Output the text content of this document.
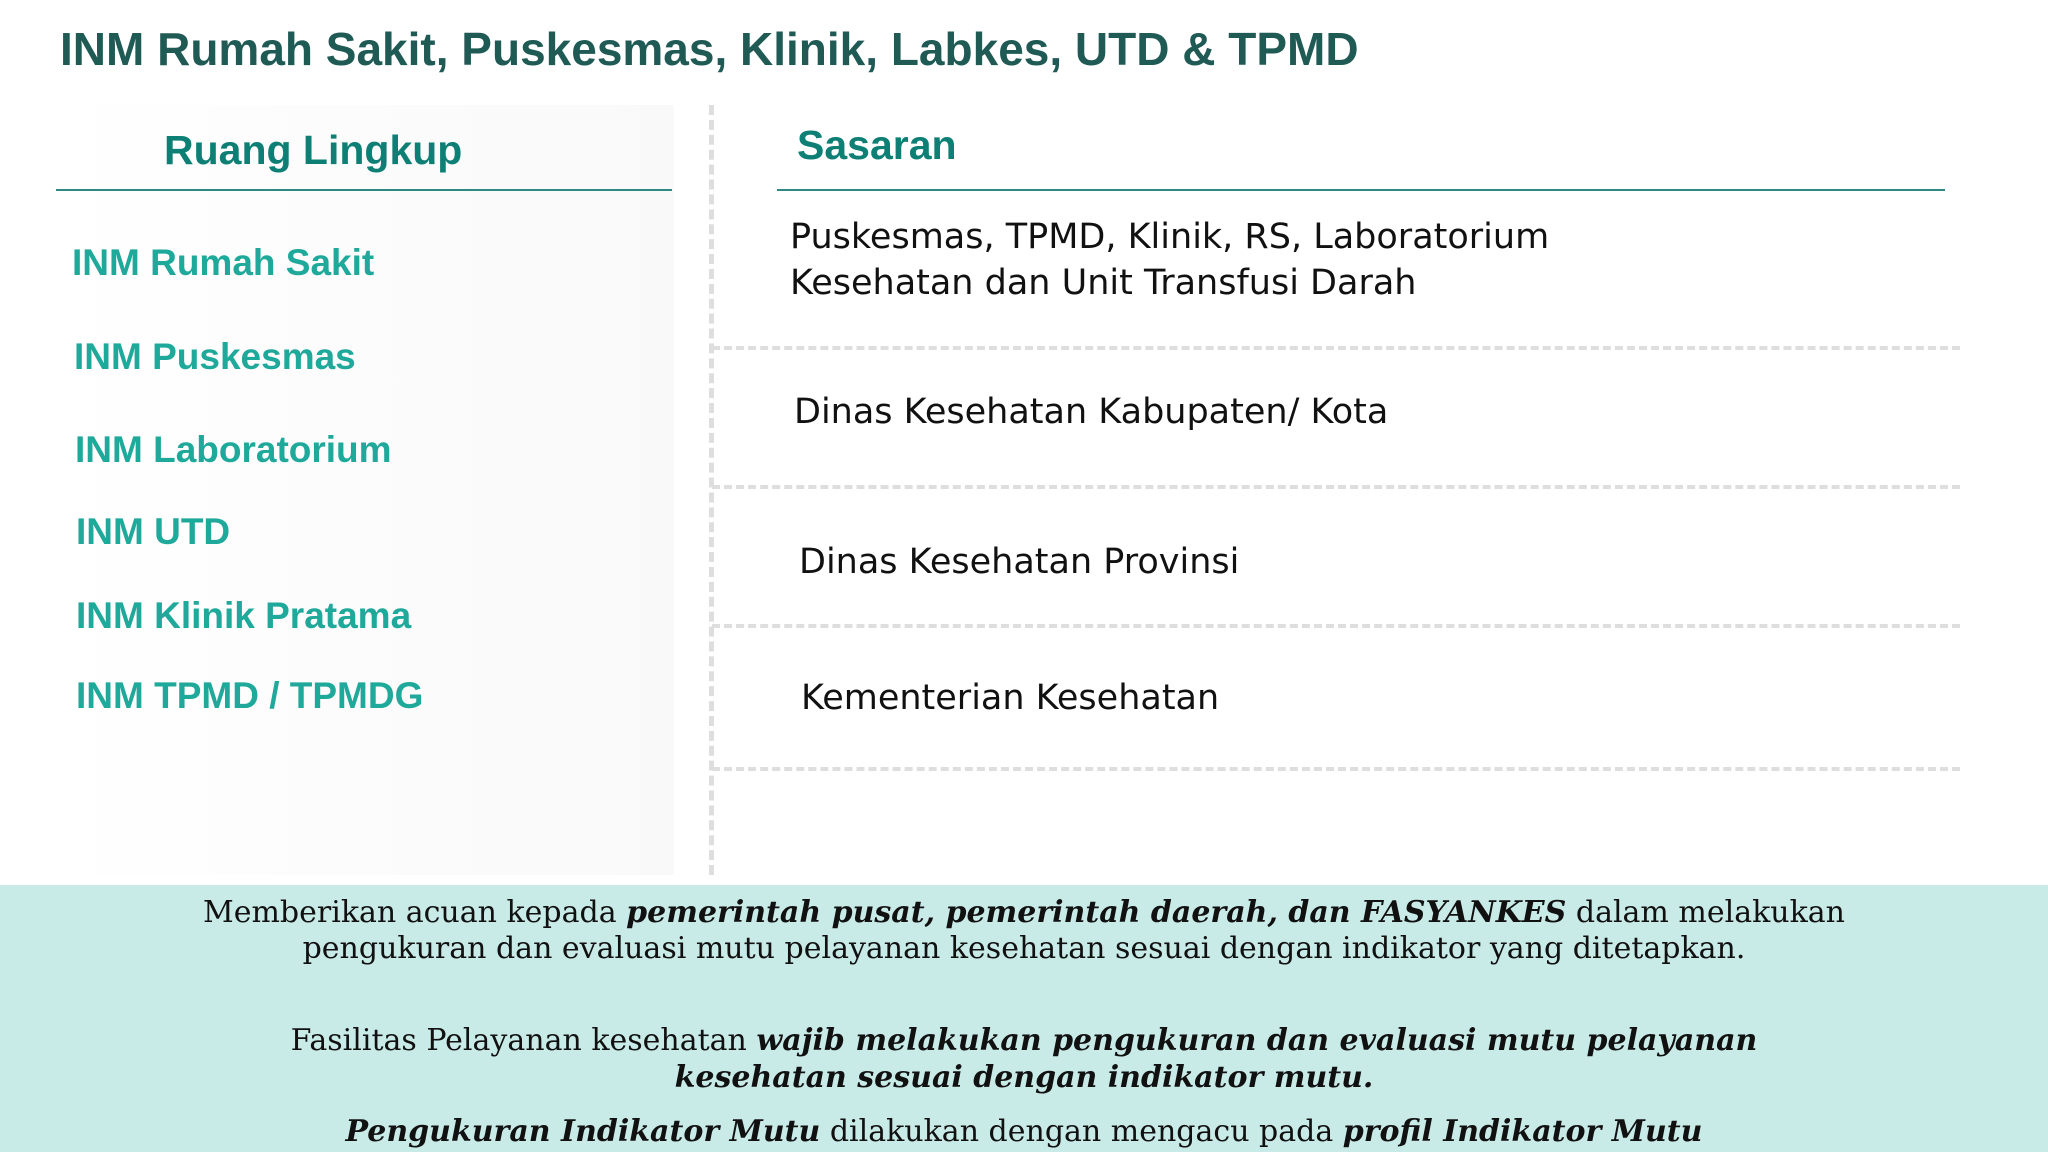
INM Rumah Sakit, Puskesmas, Klinik, Labkes, UTD & TPMD
Ruang Lingkup
INM Rumah Sakit
INM Puskesmas
INM Laboratorium
INM UTD
INM Klinik Pratama
INM TPMD / TPMDG
Sasaran
Puskesmas, TPMD, Klinik, RS, Laboratorium
Kesehatan dan Unit Transfusi Darah
Dinas Kesehatan Kabupaten/ Kota
Dinas Kesehatan Provinsi
Kementerian Kesehatan
Memberikan acuan kepada pemerintah pusat, pemerintah daerah, dan FASYANKES dalam melakukan
pengukuran dan evaluasi mutu pelayanan kesehatan sesuai dengan indikator yang ditetapkan.
Fasilitas Pelayanan kesehatan wajib melakukan pengukuran dan evaluasi mutu pelayanan
kesehatan sesuai dengan indikator mutu.
Pengukuran Indikator Mutu dilakukan dengan mengacu pada profil Indikator Mutu
